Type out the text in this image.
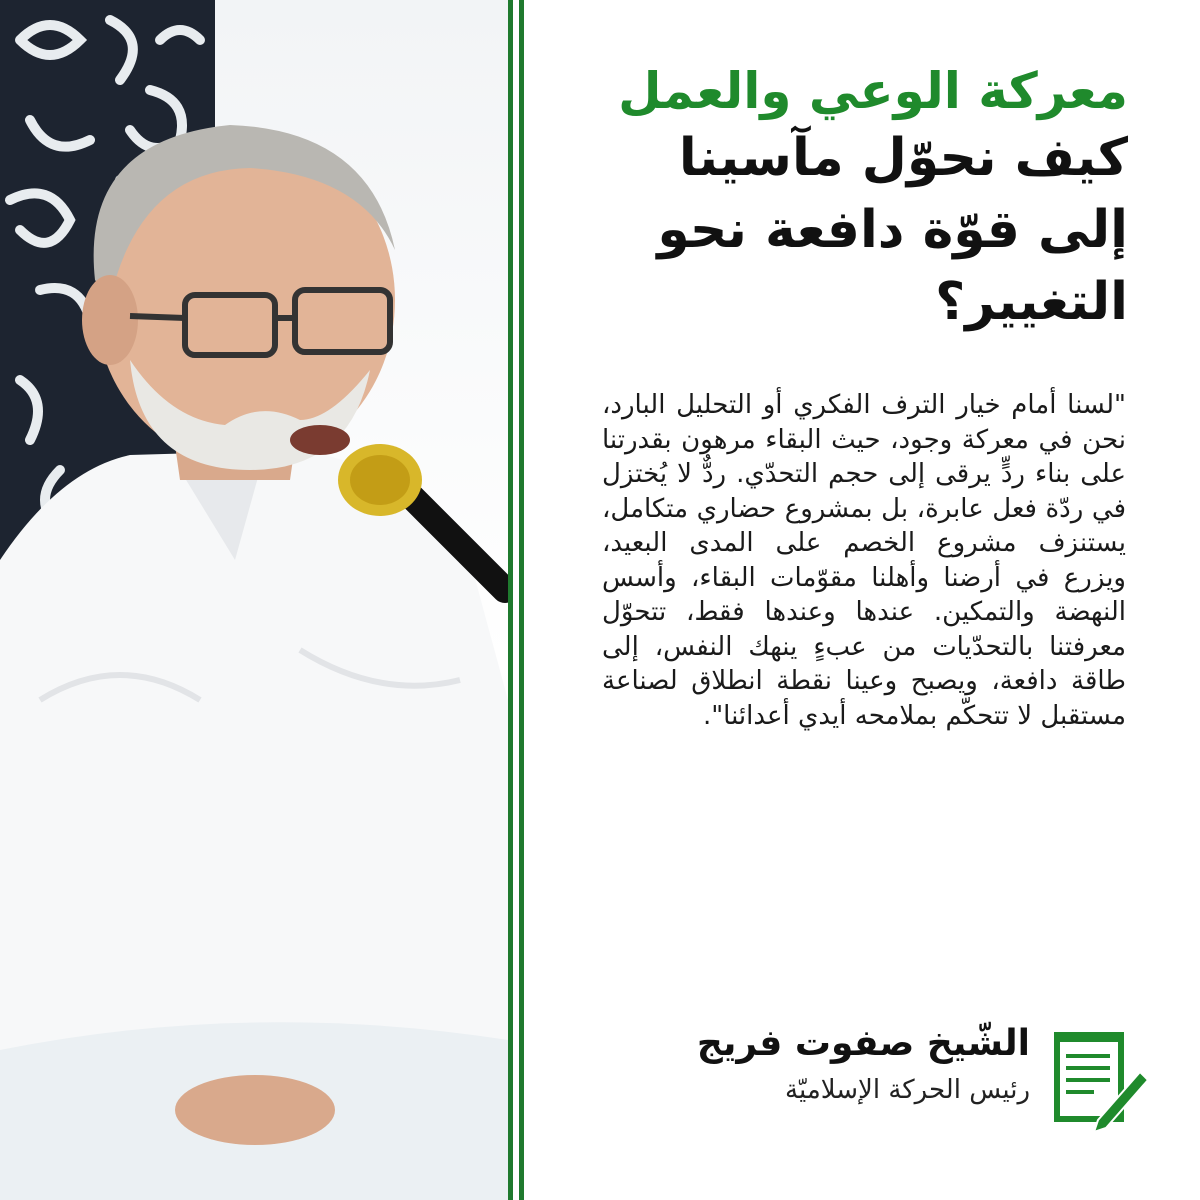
معركة الوعي والعمل

كيف نحوّل مآسينا إلى قوّة دافعة نحو التغيير؟

"لسنا أمام خيار الترف الفكري أو التحليل البارد، نحن في معركة وجود، حيث البقاء مرهون بقدرتنا على بناء ردٍّ يرقى إلى حجم التحدّي. ردٌّ لا يُختزل في ردّة فعل عابرة، بل بمشروع حضاري متكامل، يستنزف مشروع الخصم على المدى البعيد، ويزرع في أرضنا وأهلنا مقوّمات البقاء، وأسس النهضة والتمكين. عندها وعندها فقط، تتحوّل معرفتنا بالتحدّيات من عبءٍ ينهك النفس، إلى طاقة دافعة، ويصبح وعينا نقطة انطلاق لصناعة مستقبل لا تتحكّم بملامحه أيدي أعدائنا".

الشّيخ صفوت فريج
رئيس الحركة الإسلاميّة
